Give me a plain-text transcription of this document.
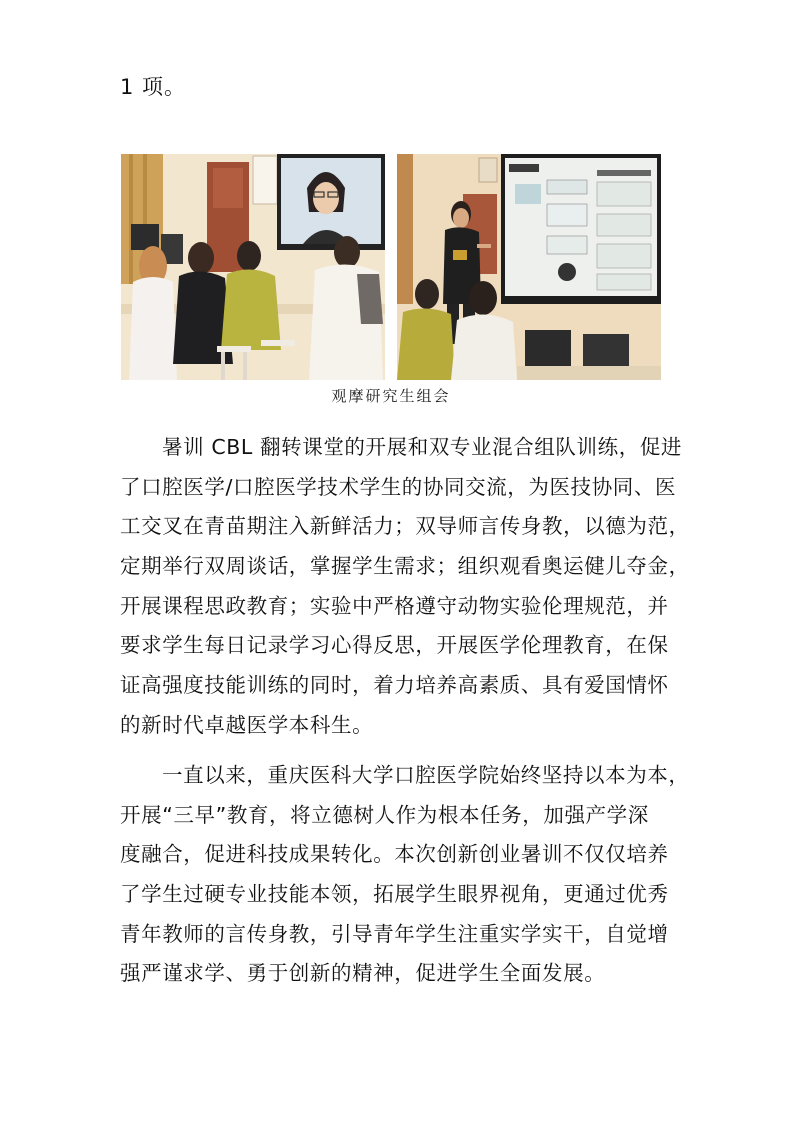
1 项。
观摩研究生组会
暑训 CBL 翻转课堂的开展和双专业混合组队训练，促进
了口腔医学/口腔医学技术学生的协同交流，为医技协同、医
工交叉在青苗期注入新鲜活力；双导师言传身教，以德为范，
定期举行双周谈话，掌握学生需求；组织观看奥运健儿夺金，
开展课程思政教育；实验中严格遵守动物实验伦理规范，并
要求学生每日记录学习心得反思，开展医学伦理教育，在保
证高强度技能训练的同时，着力培养高素质、具有爱国情怀
的新时代卓越医学本科生。
一直以来，重庆医科大学口腔医学院始终坚持以本为本，
开展“三早”教育，将立德树人作为根本任务，加强产学深
度融合，促进科技成果转化。本次创新创业暑训不仅仅培养
了学生过硬专业技能本领，拓展学生眼界视角，更通过优秀
青年教师的言传身教，引导青年学生注重实学实干，自觉增
强严谨求学、勇于创新的精神，促进学生全面发展。
